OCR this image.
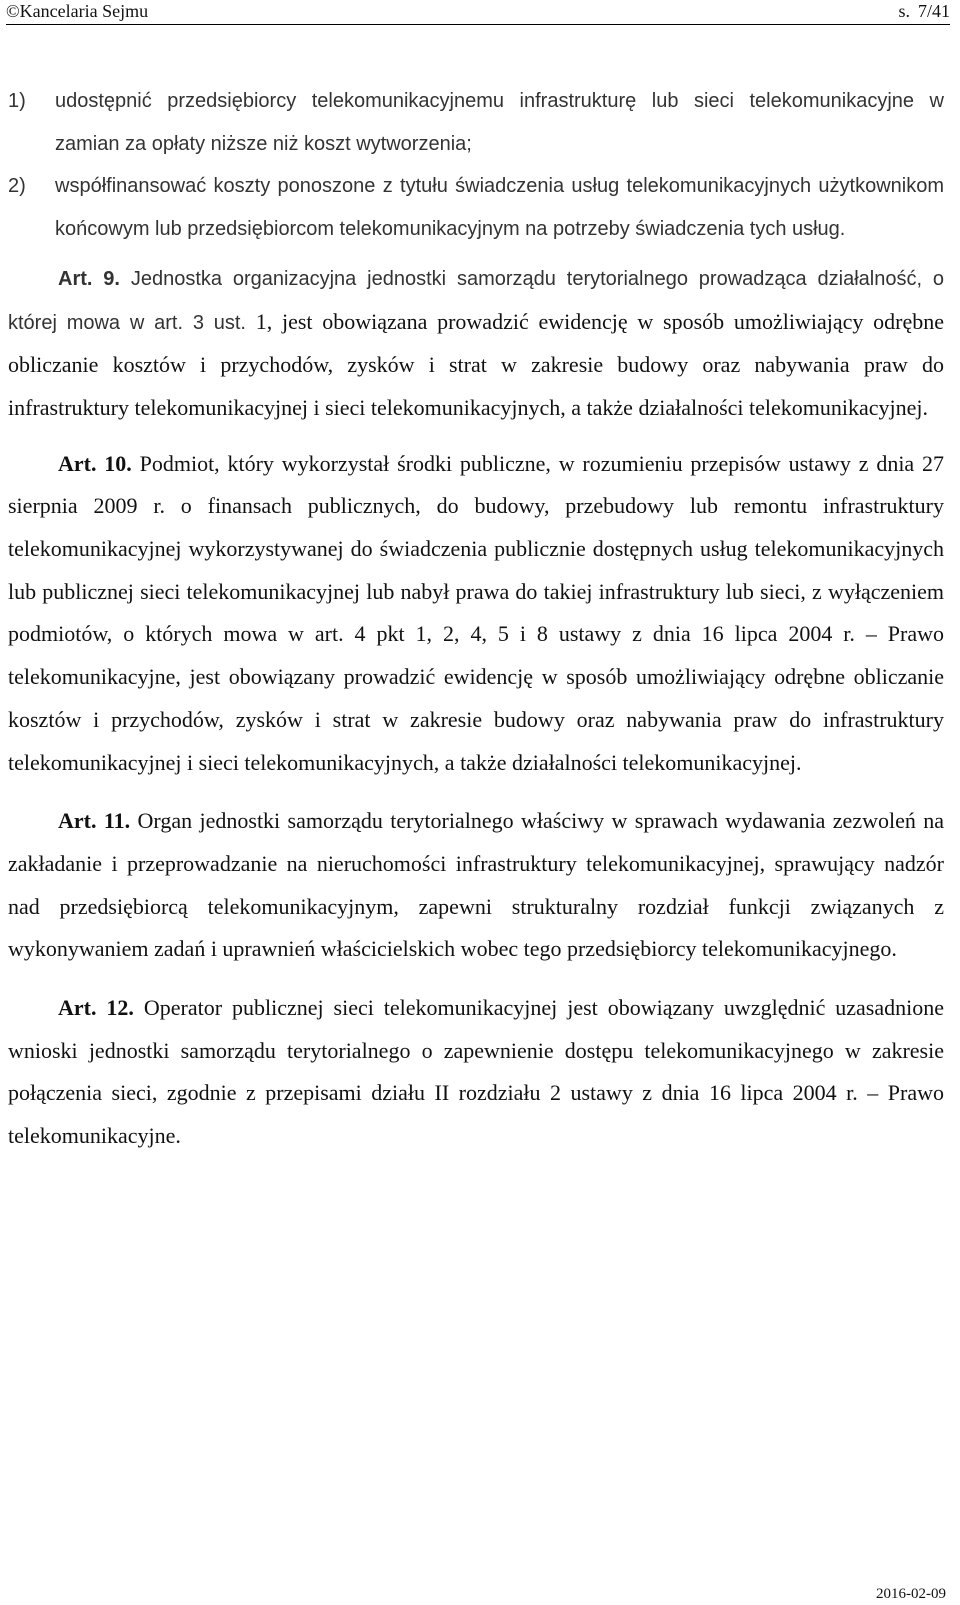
©Kancelaria Sejmu	s. 7/41

1) udostępnić przedsiębiorcy telekomunikacyjnemu infrastrukturę lub sieci telekomunikacyjne w zamian za opłaty niższe niż koszt wytworzenia;

2) współfinansować koszty ponoszone z tytułu świadczenia usług telekomunikacyjnych użytkownikom końcowym lub przedsiębiorcom telekomunikacyjnym na potrzeby świadczenia tych usług.

Art. 9. Jednostka organizacyjna jednostki samorządu terytorialnego prowadząca działalność, o której mowa w art. 3 ust. 1, jest obowiązana prowadzić ewidencję w sposób umożliwiający odrębne obliczanie kosztów i przychodów, zysków i strat w zakresie budowy oraz nabywania praw do infrastruktury telekomunikacyjnej i sieci telekomunikacyjnych, a także działalności telekomunikacyjnej.

Art. 10. Podmiot, który wykorzystał środki publiczne, w rozumieniu przepisów ustawy z dnia 27 sierpnia 2009 r. o finansach publicznych, do budowy, przebudowy lub remontu infrastruktury telekomunikacyjnej wykorzystywanej do świadczenia publicznie dostępnych usług telekomunikacyjnych lub publicznej sieci telekomunikacyjnej lub nabył prawa do takiej infrastruktury lub sieci, z wyłączeniem podmiotów, o których mowa w art. 4 pkt 1, 2, 4, 5 i 8 ustawy z dnia 16 lipca 2004 r. – Prawo telekomunikacyjne, jest obowiązany prowadzić ewidencję w sposób umożliwiający odrębne obliczanie kosztów i przychodów, zysków i strat w zakresie budowy oraz nabywania praw do infrastruktury telekomunikacyjnej i sieci telekomunikacyjnych, a także działalności telekomunikacyjnej.

Art. 11. Organ jednostki samorządu terytorialnego właściwy w sprawach wydawania zezwoleń na zakładanie i przeprowadzanie na nieruchomości infrastruktury telekomunikacyjnej, sprawujący nadzór nad przedsiębiorcą telekomunikacyjnym, zapewni strukturalny rozdział funkcji związanych z wykonywaniem zadań i uprawnień właścicielskich wobec tego przedsiębiorcy telekomunikacyjnego.

Art. 12. Operator publicznej sieci telekomunikacyjnej jest obowiązany uwzględnić uzasadnione wnioski jednostki samorządu terytorialnego o zapewnienie dostępu telekomunikacyjnego w zakresie połączenia sieci, zgodnie z przepisami działu II rozdziału 2 ustawy z dnia 16 lipca 2004 r. – Prawo telekomunikacyjne.

2016-02-09
